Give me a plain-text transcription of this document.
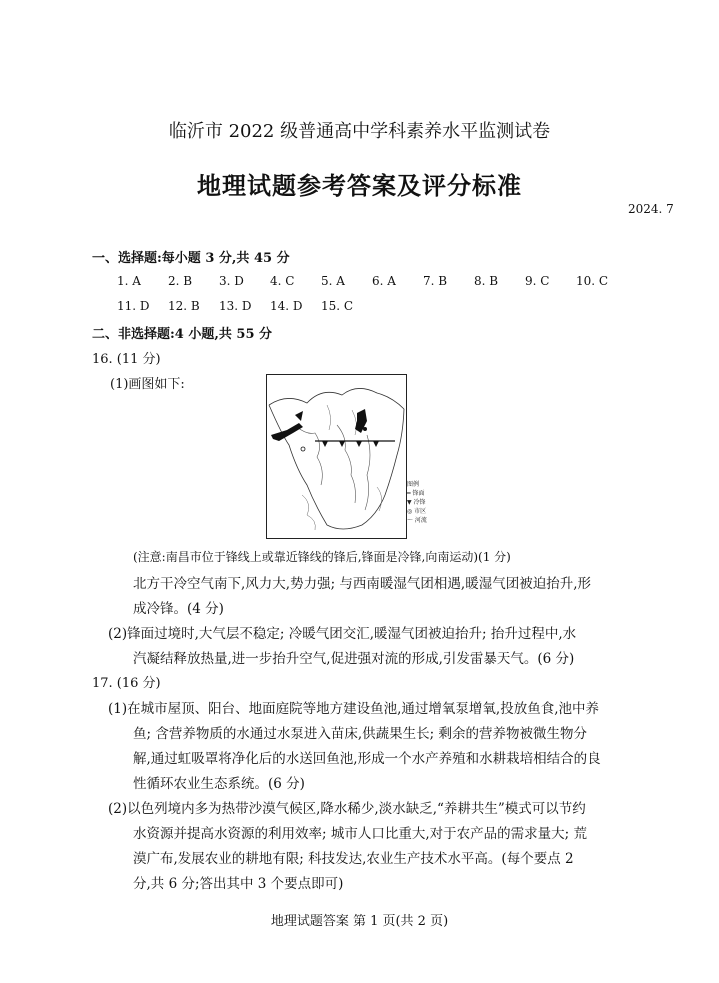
临沂市 2022 级普通高中学科素养水平监测试卷
地理试题参考答案及评分标准
2024. 7
一、选择题:每小题 3 分,共 45 分
1. A 2. B 3. D 4. C 5. A 6. A 7. B 8. B 9. C 10. C
11. D 12. B 13. D 14. D 15. C
二、非选择题:4 小题,共 55 分
16. (11 分)
(1)画图如下:
图例
━ 锋面
▼ 冷锋
◎ 市区
〜 河流
(注意:南昌市位于锋线上或靠近锋线的锋后,锋面是冷锋,向南运动)(1 分)
北方干冷空气南下,风力大,势力强; 与西南暖湿气团相遇,暖湿气团被迫抬升,形
成冷锋。(4 分)
(2)锋面过境时,大气层不稳定; 冷暖气团交汇,暖湿气团被迫抬升; 抬升过程中,水
汽凝结释放热量,进一步抬升空气,促进强对流的形成,引发雷暴天气。(6 分)
17. (16 分)
(1)在城市屋顶、阳台、地面庭院等地方建设鱼池,通过增氧泵增氧,投放鱼食,池中养
鱼; 含营养物质的水通过水泵进入苗床,供蔬果生长; 剩余的营养物被微生物分
解,通过虹吸罩将净化后的水送回鱼池,形成一个水产养殖和水耕栽培相结合的良
性循环农业生态系统。(6 分)
(2)以色列境内多为热带沙漠气候区,降水稀少,淡水缺乏,“养耕共生”模式可以节约
水资源并提高水资源的利用效率; 城市人口比重大,对于农产品的需求量大; 荒
漠广布,发展农业的耕地有限; 科技发达,农业生产技术水平高。(每个要点 2
分,共 6 分;答出其中 3 个要点即可)
地理试题答案 第 1 页(共 2 页)
